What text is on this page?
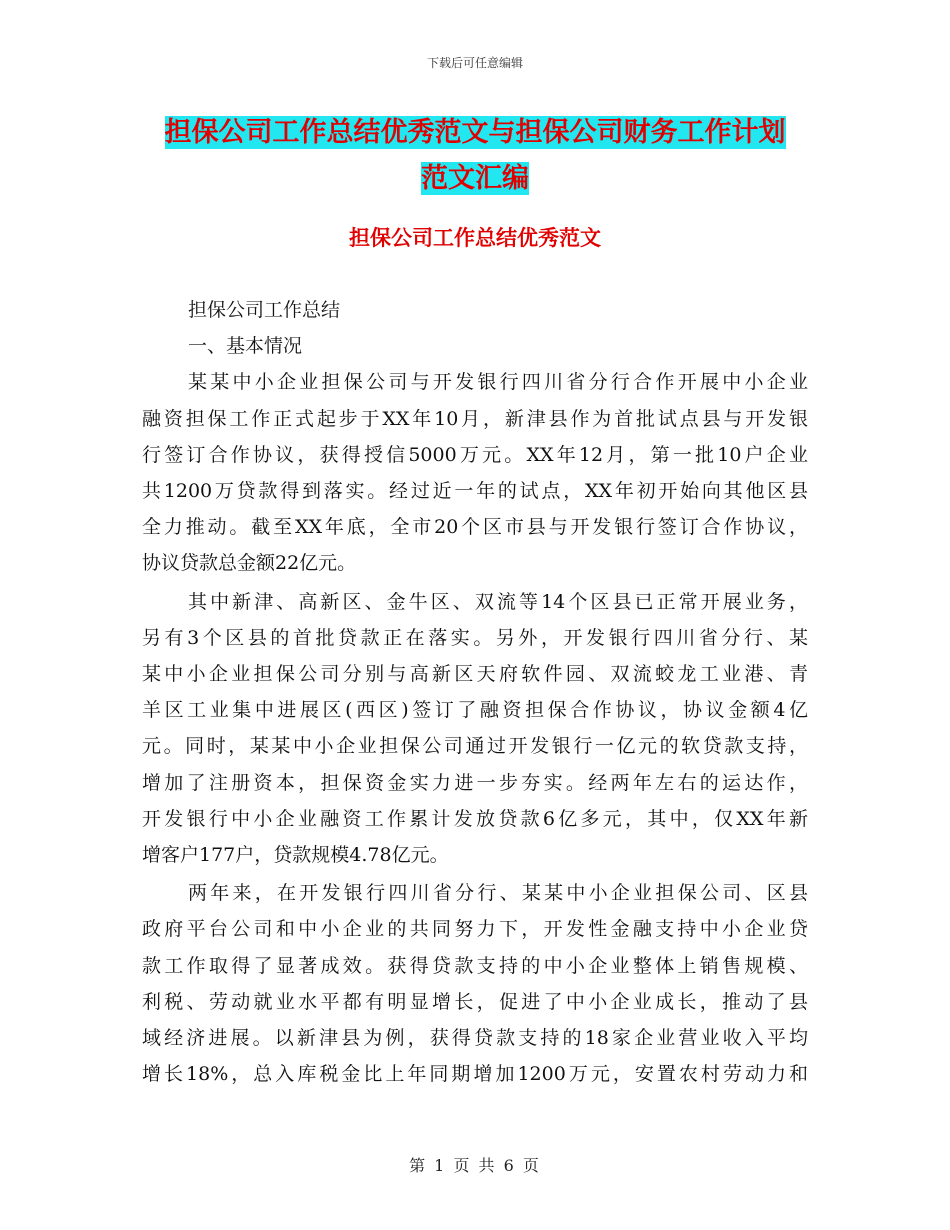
下载后可任意编辑
担保公司工作总结优秀范文与担保公司财务工作计划
范文汇编
担保公司工作总结优秀范文

担保公司工作总结

一、基本情况

某某中小企业担保公司与开发银行四川省分行合作开展中小企业
融资担保工作正式起步于XX年10月，新津县作为首批试点县与开发银
行签订合作协议，获得授信5000万元。XX年12月，第一批10户企业
共1200万贷款得到落实。经过近一年的试点，XX年初开始向其他区县
全力推动。截至XX年底，全市20个区市县与开发银行签订合作协议，
协议贷款总金额22亿元。

其中新津、高新区、金牛区、双流等14个区县已正常开展业务，
另有3个区县的首批贷款正在落实。另外，开发银行四川省分行、某
某中小企业担保公司分别与高新区天府软件园、双流蛟龙工业港、青
羊区工业集中进展区(西区)签订了融资担保合作协议，协议金额4亿
元。同时，某某中小企业担保公司通过开发银行一亿元的软贷款支持，
增加了注册资本，担保资金实力进一步夯实。经两年左右的运达作，
开发银行中小企业融资工作累计发放贷款6亿多元，其中，仅XX年新
增客户177户，贷款规模4.78亿元。

两年来，在开发银行四川省分行、某某中小企业担保公司、区县
政府平台公司和中小企业的共同努力下，开发性金融支持中小企业贷
款工作取得了显著成效。获得贷款支持的中小企业整体上销售规模、
利税、劳动就业水平都有明显增长，促进了中小企业成长，推动了县
域经济进展。以新津县为例，获得贷款支持的18家企业营业收入平均
增长18%，总入库税金比上年同期增加1200万元，安置农村劳动力和

第 1 页 共 6 页
